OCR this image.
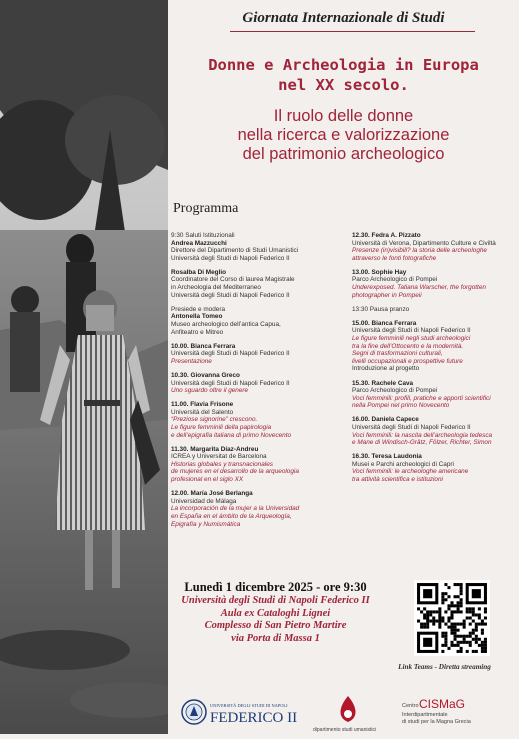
Giornata Internazionale di Studi
Donne e Archeologia in Europa
nel XX secolo.
Il ruolo delle donne
nella ricerca e valorizzazione
del patrimonio archeologico
Programma
9:30 Saluti Istituzionali
Andrea Mazzucchi
Direttore del Dipartimento di Studi Umanistici
Università degli Studi di Napoli Federico II
Rosalba Di Meglio
Coordinatore del Corso di laurea Magistrale
in Archeologia del Mediterraneo
Università degli Studi di Napoli Federico II
Presiede e modera
Antonella Tomeo
Museo archeologico dell’antica Capua,
Anfiteatro e Mitreo
10.00. Bianca Ferrara
Università degli Studi di Napoli Federico II
Presentazione
10.30. Giovanna Greco
Università degli Studi di Napoli Federico II
Uno sguardo oltre il genere
11.00. Flavia Frisone
Università del Salento
“Preziose signorine” crescono.
Le figure femminili della papirologia
e dell’epigrafia italiana di primo Novecento
11.30. Margarita Díaz-Andreu
ICREA y Universitat de Barcelona
Historias globales y transnacionales
de mujeres en el desarrollo de la arqueologia
profesional en el siglo XX
12.00. María José Berlanga
Universidad de Málaga
La incorporación de la mujer a la Universidad
en España en el ámbito de la Arqueología,
Epigrafía y Numismática
12.30. Fedra A. Pizzato
Università di Verona, Dipartimento Culture e Civiltà
Presenze (in)visibili? la storia delle archeologhe
attraverso le fonti fotografiche
13.00. Sophie Hay
Parco Archeologico di Pompei
Underexposed. Tatiana Warscher, the forgotten
photographer in Pompeii
13:30 Pausa pranzo
15.00. Bianca Ferrara
Università degli Studi di Napoli Federico II
Le figure femminili negli studi archeologici
tra la fine dell’Ottocento e la modernità.
Segni di trasformazioni culturali,
livelli occupazionali e prospettive future
Introduzione al progetto
15.30. Rachele Cava
Parco Archeologico di Pompei
Voci femminili: profili, pratiche e apporti scientifici
nella Pompei nel primo Novecento
16.00. Daniela Capece
Università degli Studi di Napoli Federico II
Voci femminili: la nascita dell’archeologia tedesca
e Mane di Windisch-Grätz, Fölzer, Richter, Simon
16.30. Teresa Laudonia
Musei e Parchi archeologici di Capri
Voci femminili: le archeologhe americane
tra attività scientifica e istituzioni
Lunedì 1 dicembre 2025 - ore 9:30
Università degli Studi di Napoli Federico II
Aula ex Cataloghi Lignei
Complesso di San Pietro Martire
via Porta di Massa 1
Link Teams - Diretta streaming
UNIVERSITÀ DEGLI STUDI DI NAPOLI
FEDERICO II
dipartimento studi umanistici
Centro CISMaG
Interdipartimentale
di studi per la Magna Grecia
